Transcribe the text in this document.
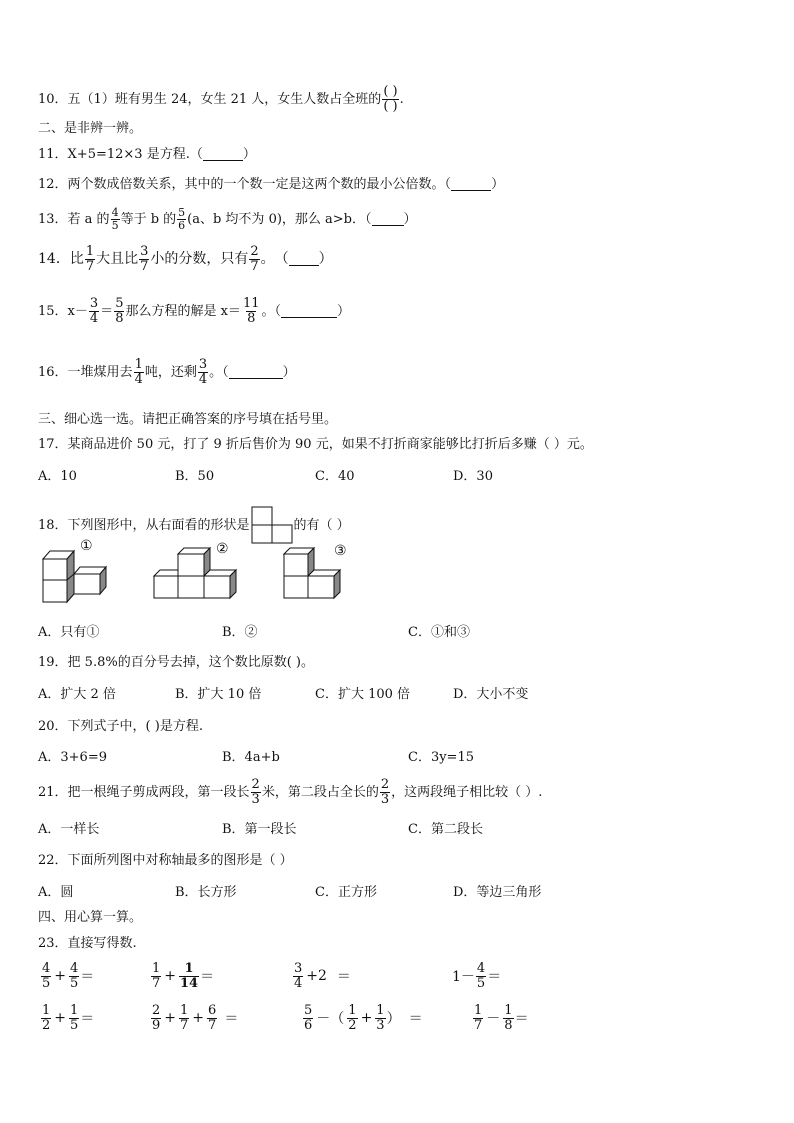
10． 五（1）班有男生 24，女生 21 人，女生人数占全班的 $\frac{( )}{( )}$ .
二、是非辨一辨。
11． X+5=12×3 是方程.（	）
12． 两个数成倍数关系，其中的一个数一定是这两个数的最小公倍数。（	）
13． 若 a 的 $\frac{4}{5}$ 等于 b 的 $\frac{5}{6} (a$、b 均不为 0)，那么 a>b．（ ）
14． 比 $\frac{1}{7}$ 大且比 $\frac{3}{7}$ 小的分数，只有 $\frac{2}{7}$ 。　（ ）
15． $x- \frac{3}{4} = \frac{5}{8}$ 那么方程的解是 $x= \frac{11}{8}$ 。（	）
16． 一堆煤用去 $\frac{1}{4}$ 吨，还剩 $\frac{3}{4}$ 。（	）
三、细心选一选。请把正确答案的序号填在括号里。
17．某商品进价 50 元，打了 9 折后售价为 90 元，如果不打折商家能够比打折后多赚（ ）元。
A．10	B．50	C．40	D．30
18．下列图形中，从右面看的形状是	的有（ ）
①	②	③
A．只有①	B．②	C．①和③
19．把 5.8%的百分号去掉，这个数比原数( )。
A．扩大 2 倍	B．扩大 10 倍	C．扩大 100 倍	D．大小不变
20．下列式子中，( )是方程.
A．3+6=9	B．4a+b	C．3y=15
21．把一根绳子剪成两段，第一段长 $\frac{2}{3}$ 米，第二段占全长的 $\frac{2}{3}$ ，这两段绳子相比较（ ）.
A．一样长	B．第一段长	C．第二段长
22．下面所列图中对称轴最多的图形是（ ）
A．圆	B．长方形	C．正方形	D．等边三角形
四、用心算一算。
23．直接写得数.
$\frac{4}{5} + \frac{4}{5}$ ＝	$\frac{1}{7} + \frac{1}{14}$ ＝	$\frac{3}{4} +2$ ＝	$1- \frac{4}{5}$ ＝
$\frac{1}{2} + \frac{1}{5}$ ＝	$\frac{2}{9} + \frac{1}{7} + \frac{6}{7}$ ＝	$\frac{5}{6}$ －（ $\frac{1}{2} + \frac{1}{3}$ ） ＝	$\frac{1}{7} - \frac{1}{8}$ ＝
